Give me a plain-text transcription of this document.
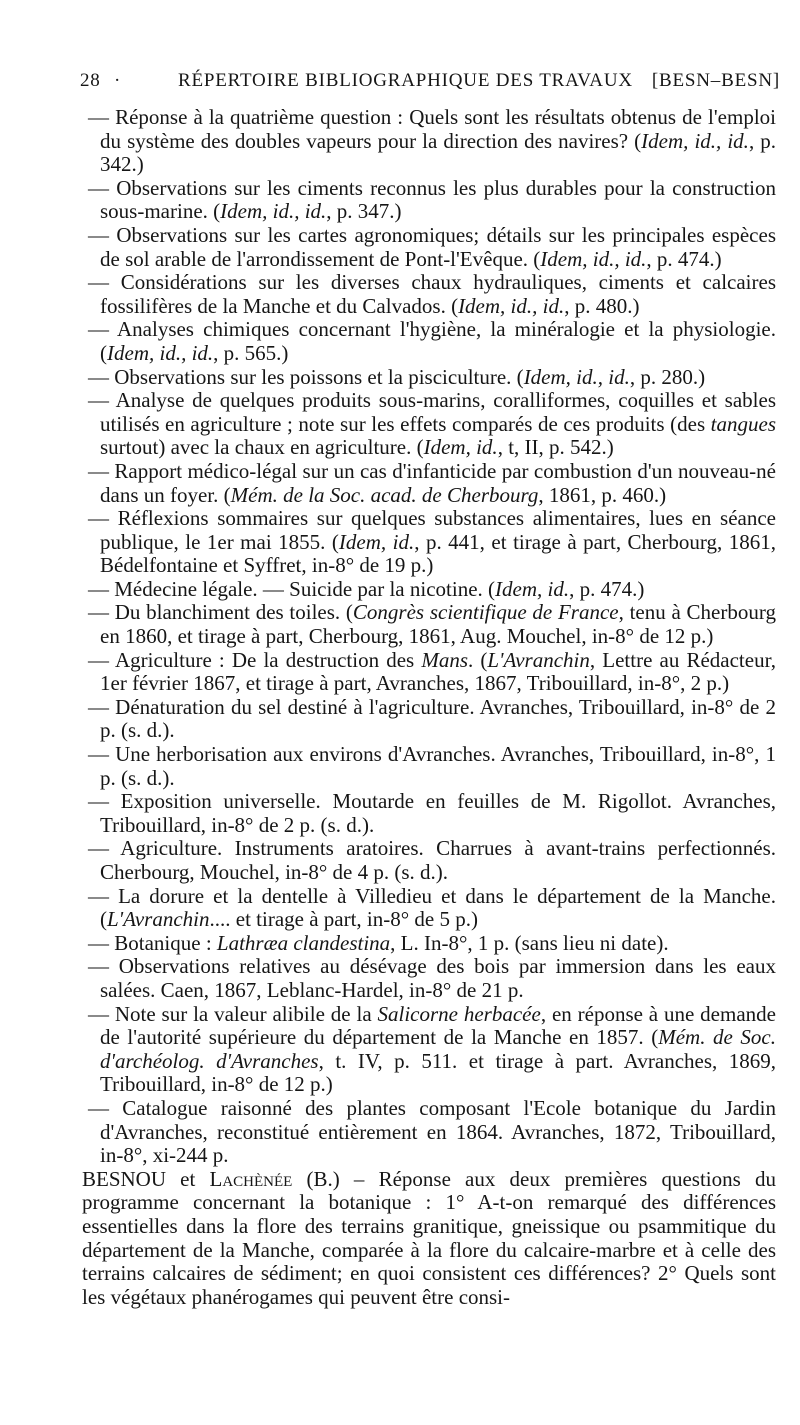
28 ·	RÉPERTOIRE BIBLIOGRAPHIQUE DES TRAVAUX [BESN–BESN]

— Réponse à la quatrième question : Quels sont les résultats obtenus de l'emploi du système des doubles vapeurs pour la direction des navires? (Idem, id., id., p. 342.)

— Observations sur les ciments reconnus les plus durables pour la construction sous-marine. (Idem, id., id., p. 347.)

— Observations sur les cartes agronomiques; détails sur les principales espèces de sol arable de l'arrondissement de Pont-l'Evêque. (Idem, id., id., p. 474.)

— Considérations sur les diverses chaux hydrauliques, ciments et calcaires fossilifères de la Manche et du Calvados. (Idem, id., id., p. 480.)

— Analyses chimiques concernant l'hygiène, la minéralogie et la physiologie. (Idem, id., id., p. 565.)

— Observations sur les poissons et la pisciculture. (Idem, id., id., p. 280.)

— Analyse de quelques produits sous-marins, coralliformes, coquilles et sables utilisés en agriculture ; note sur les effets comparés de ces produits (des tangues surtout) avec la chaux en agriculture. (Idem, id., t, II, p. 542.)

— Rapport médico-légal sur un cas d'infanticide par combustion d'un nouveau-né dans un foyer. (Mém. de la Soc. acad. de Cherbourg, 1861, p. 460.)

— Réflexions sommaires sur quelques substances alimentaires, lues en séance publique, le 1er mai 1855. (Idem, id., p. 441, et tirage à part, Cherbourg, 1861, Bédelfontaine et Syffret, in-8° de 19 p.)

— Médecine légale. — Suicide par la nicotine. (Idem, id., p. 474.)

— Du blanchiment des toiles. (Congrès scientifique de France, tenu à Cherbourg en 1860, et tirage à part, Cherbourg, 1861, Aug. Mouchel, in-8° de 12 p.)

— Agriculture : De la destruction des Mans. (L'Avranchin, Lettre au Rédacteur, 1er février 1867, et tirage à part, Avranches, 1867, Tribouillard, in-8°, 2 p.)

— Dénaturation du sel destiné à l'agriculture. Avranches, Tribouillard, in-8° de 2 p. (s. d.).

— Une herborisation aux environs d'Avranches. Avranches, Tribouillard, in-8°, 1 p. (s. d.).

— Exposition universelle. Moutarde en feuilles de M. Rigollot. Avranches, Tribouillard, in-8° de 2 p. (s. d.).

— Agriculture. Instruments aratoires. Charrues à avant-trains perfectionnés. Cherbourg, Mouchel, in-8° de 4 p. (s. d.).

— La dorure et la dentelle à Villedieu et dans le département de la Manche. (L'Avranchin.... et tirage à part, in-8° de 5 p.)

— Botanique : Lathræa clandestina, L. In-8°, 1 p. (sans lieu ni date).

— Observations relatives au désévage des bois par immersion dans les eaux salées. Caen, 1867, Leblanc-Hardel, in-8° de 21 p.

— Note sur la valeur alibile de la Salicorne herbacée, en réponse à une demande de l'autorité supérieure du département de la Manche en 1857. (Mém. de Soc. d'archéolog. d'Avranches, t. IV, p. 511. et tirage à part. Avranches, 1869, Tribouillard, in-8° de 12 p.)

— Catalogue raisonné des plantes composant l'Ecole botanique du Jardin d'Avranches, reconstitué entièrement en 1864. Avranches, 1872, Tribouillard, in-8°, xi-244 p.

BESNOU et Lachènée (B.) – Réponse aux deux premières questions du programme concernant la botanique : 1° A-t-on remarqué des différences essentielles dans la flore des terrains granitique, gneissique ou psammitique du département de la Manche, comparée à la flore du calcaire-marbre et à celle des terrains calcaires de sédiment; en quoi consistent ces différences? 2° Quels sont les végétaux phanérogames qui peuvent être consi-
